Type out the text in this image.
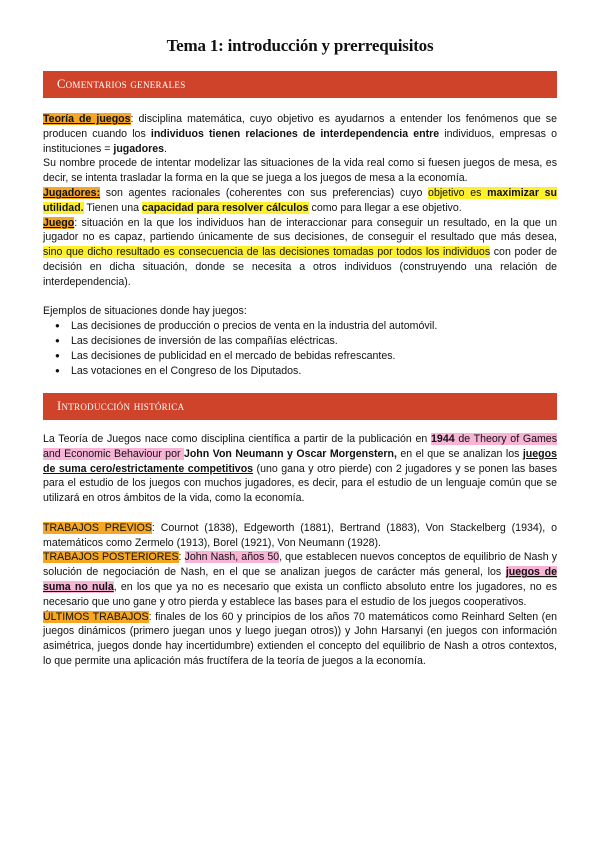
Tema 1: introducción y prerrequisitos
Comentarios generales

Teoría de juegos: disciplina matemática, cuyo objetivo es ayudarnos a entender los fenómenos que se producen cuando los individuos tienen relaciones de interdependencia entre individuos, empresas o instituciones = jugadores.

Su nombre procede de intentar modelizar las situaciones de la vida real como si fuesen juegos de mesa, es decir, se intenta trasladar la forma en la que se juega a los juegos de mesa a la economía.

Jugadores: son agentes racionales (coherentes con sus preferencias) cuyo objetivo es maximizar su utilidad. Tienen una capacidad para resolver cálculos como para llegar a ese objetivo.

Juego: situación en la que los individuos han de interaccionar para conseguir un resultado, en la que un jugador no es capaz, partiendo únicamente de sus decisiones, de conseguir el resultado que más desea, sino que dicho resultado es consecuencia de las decisiones tomadas por todos los individuos con poder de decisión en dicha situación, donde se necesita a otros individuos (construyendo una relación de interdependencia).

Ejemplos de situaciones donde hay juegos:

● Las decisiones de producción o precios de venta en la industria del automóvil.
● Las decisiones de inversión de las compañías eléctricas.
● Las decisiones de publicidad en el mercado de bebidas refrescantes.
● Las votaciones en el Congreso de los Diputados.
Introducción histórica

La Teoría de Juegos nace como disciplina científica a partir de la publicación en 1944 de Theory of Games and Economic Behaviour por John Von Neumann y Oscar Morgenstern, en el que se analizan los juegos de suma cero/estrictamente competitivos (uno gana y otro pierde) con 2 jugadores y se ponen las bases para el estudio de los juegos con muchos jugadores, es decir, para el estudio de un lenguaje común que se utilizará en otros ámbitos de la vida, como la economía.

TRABAJOS PREVIOS: Cournot (1838), Edgeworth (1881), Bertrand (1883), Von Stackelberg (1934), o matemáticos como Zermelo (1913), Borel (1921), Von Neumann (1928).

TRABAJOS POSTERIORES: John Nash, años 50, que establecen nuevos conceptos de equilibrio de Nash y solución de negociación de Nash, en el que se analizan juegos de carácter más general, los juegos de suma no nula, en los que ya no es necesario que exista un conflicto absoluto entre los jugadores, no es necesario que uno gane y otro pierda y establece las bases para el estudio de los juegos cooperativos.

ÚLTIMOS TRABAJOS: finales de los 60 y principios de los años 70 matemáticos como Reinhard Selten (en juegos dinámicos (primero juegan unos y luego juegan otros)) y John Harsanyi (en juegos con información asimétrica, juegos donde hay incertidumbre) extienden el concepto del equilibrio de Nash a otros contextos, lo que permite una aplicación más fructífera de la teoría de juegos a la economía.
